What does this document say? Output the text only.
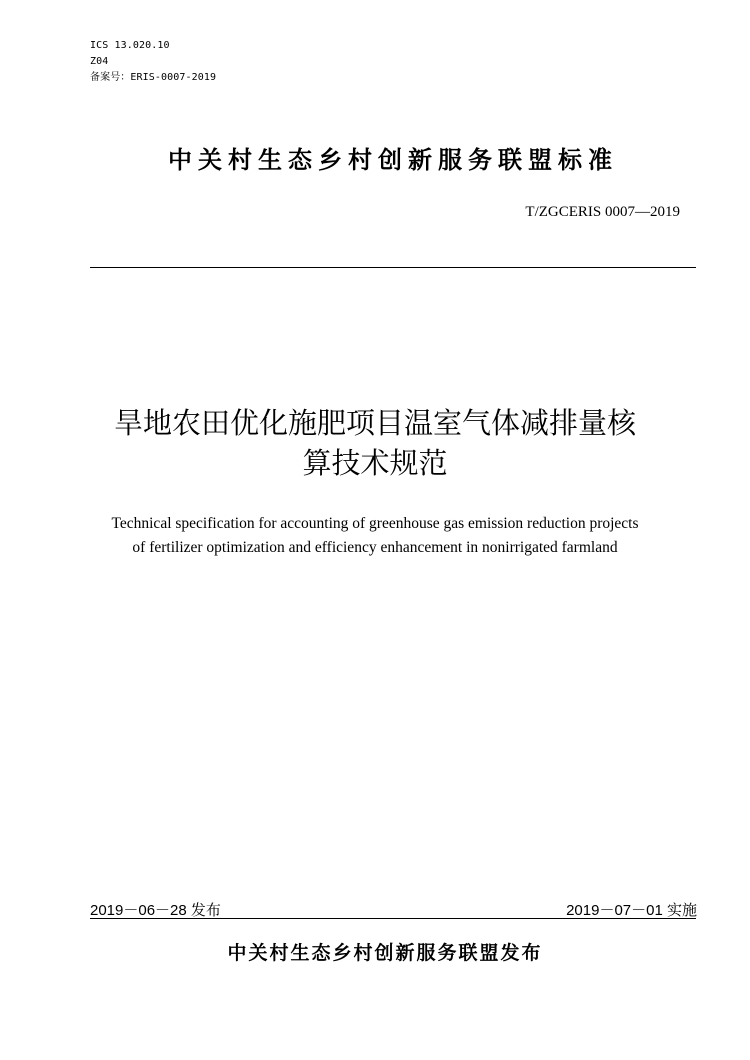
ICS 13.020.10
Z04
备案号：ERIS-0007-2019
中关村生态乡村创新服务联盟标准
T/ZGCERIS 0007—2019
旱地农田优化施肥项目温室气体减排量核
算技术规范
Technical specification for accounting of greenhouse gas emission reduction projects
of fertilizer optimization and efficiency enhancement in nonirrigated farmland
2019－06－28 发布	2019－07－01 实施
中关村生态乡村创新服务联盟发布
